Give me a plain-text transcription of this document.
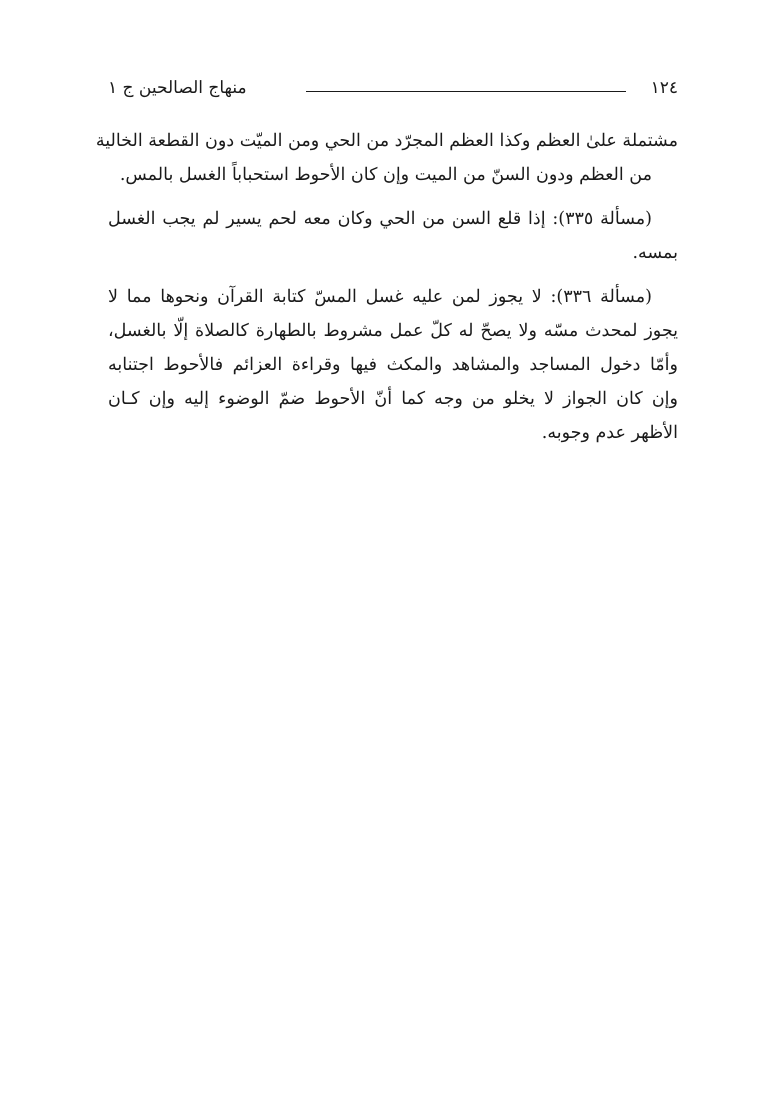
١٢٤
منهاج الصالحين ج ١

مشتملة علىٰ العظم وكذا العظم المجرّد من الحي ومن الميّت دون القطعة الخالية
من العظم ودون السنّ من الميت وإن كان الأحوط استحباباً الغسل بالمس.

(مسألة ٣٣٥): إذا قلع السن من الحي وكان معه لحم يسير لم يجب الغسل
بمسه.

(مسألة ٣٣٦): لا يجوز لمن عليه غسل المسّ كتابة القرآن ونحوها مما لا
يجوز لمحدث مسّه ولا يصحّ له كلّ عمل مشروط بالطهارة كالصلاة إلّا بالغسل،
وأمّا دخول المساجد والمشاهد والمكث فيها وقراءة العزائم فالأحوط اجتنابه
وإن كان الجواز لا يخلو من وجه كما أنّ الأحوط ضمّ الوضوء إليه وإن كـان
الأظهر عدم وجوبه.
